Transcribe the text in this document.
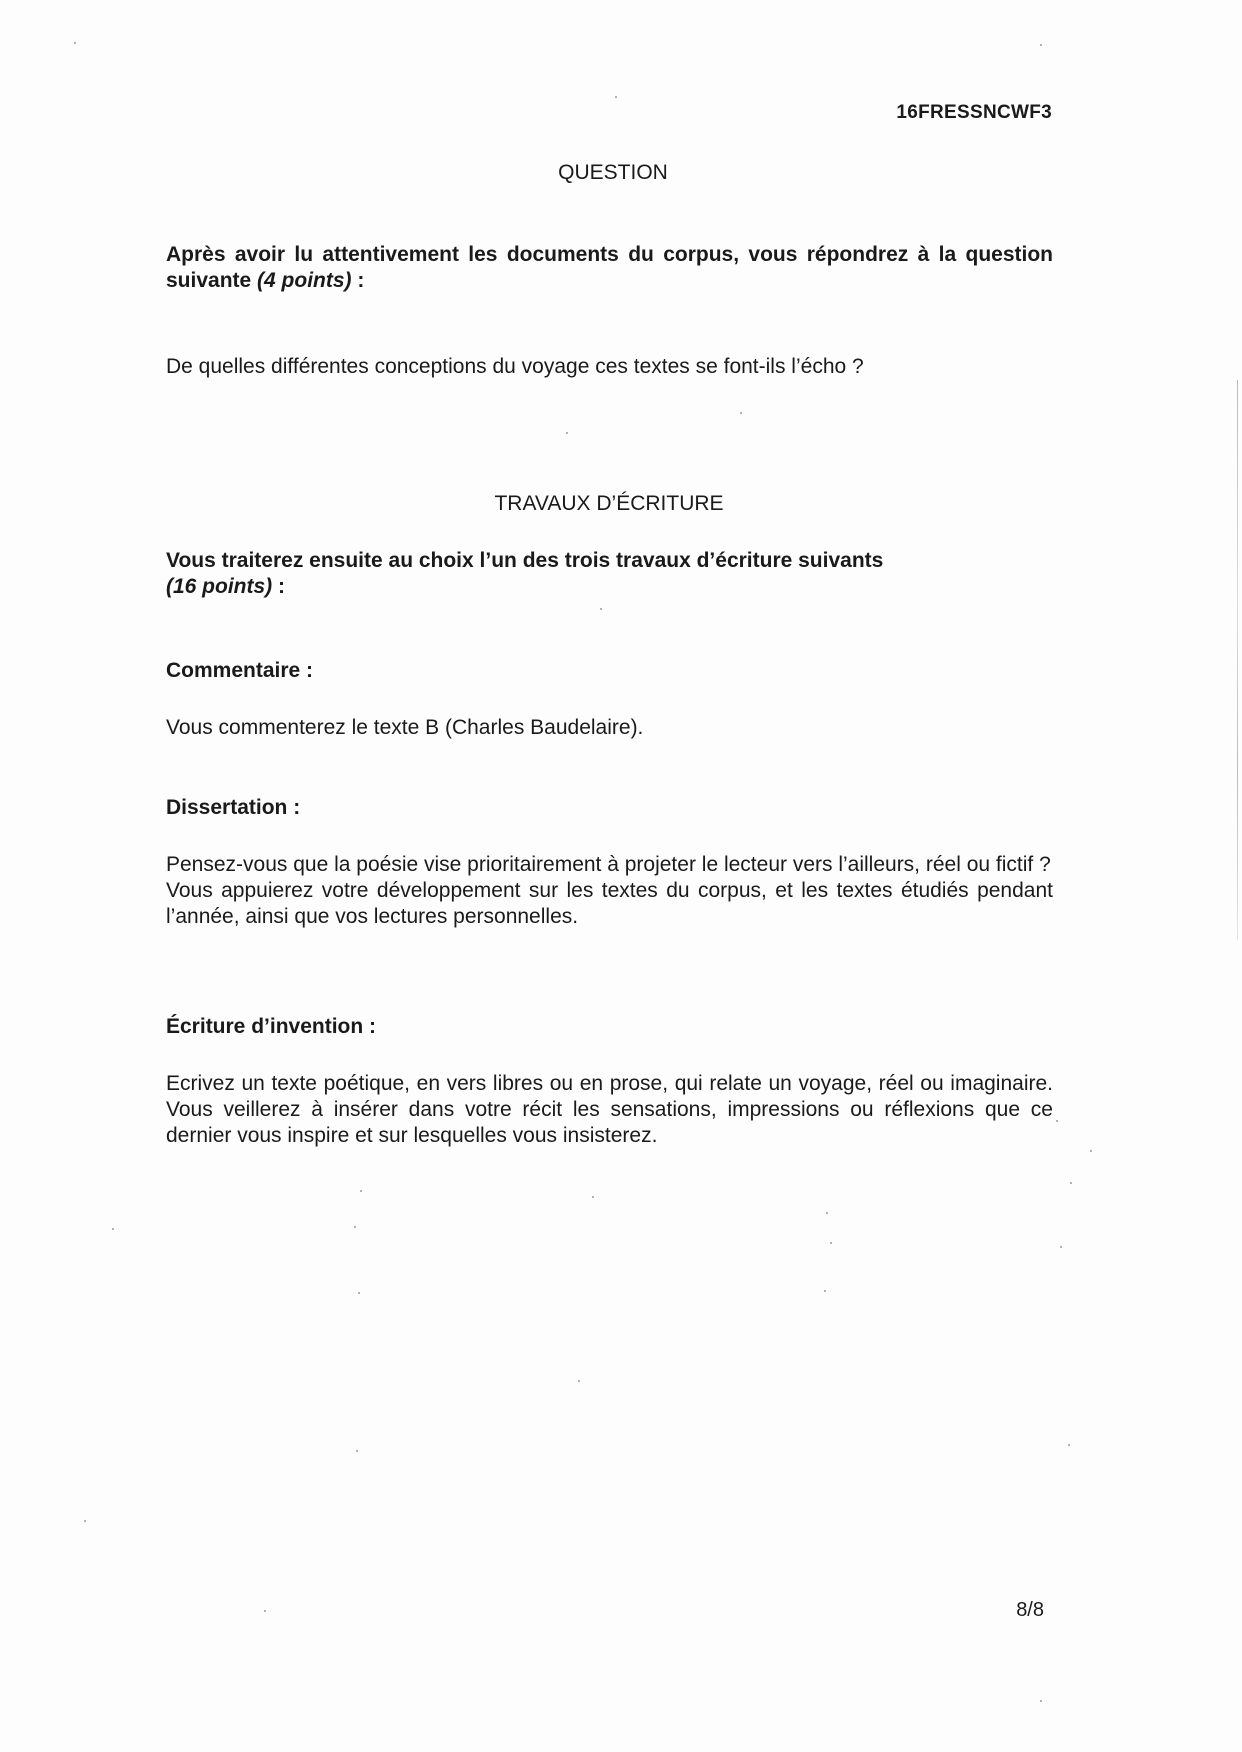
16FRESSNCWF3
QUESTION
Après avoir lu attentivement les documents du corpus, vous répondrez à la question suivante (4 points) :
De quelles différentes conceptions du voyage ces textes se font-ils l’écho ?
TRAVAUX D’ÉCRITURE
Vous traiterez ensuite au choix l’un des trois travaux d’écriture suivants
(16 points) :
Commentaire :
Vous commenterez le texte B (Charles Baudelaire).
Dissertation :
Pensez-vous que la poésie vise prioritairement à projeter le lecteur vers l’ailleurs, réel ou fictif ?
Vous appuierez votre développement sur les textes du corpus, et les textes étudiés pendant l’année, ainsi que vos lectures personnelles.
Écriture d’invention :
Ecrivez un texte poétique, en vers libres ou en prose, qui relate un voyage, réel ou imaginaire. Vous veillerez à insérer dans votre récit les sensations, impressions ou réflexions que ce dernier vous inspire et sur lesquelles vous insisterez.
8/8
